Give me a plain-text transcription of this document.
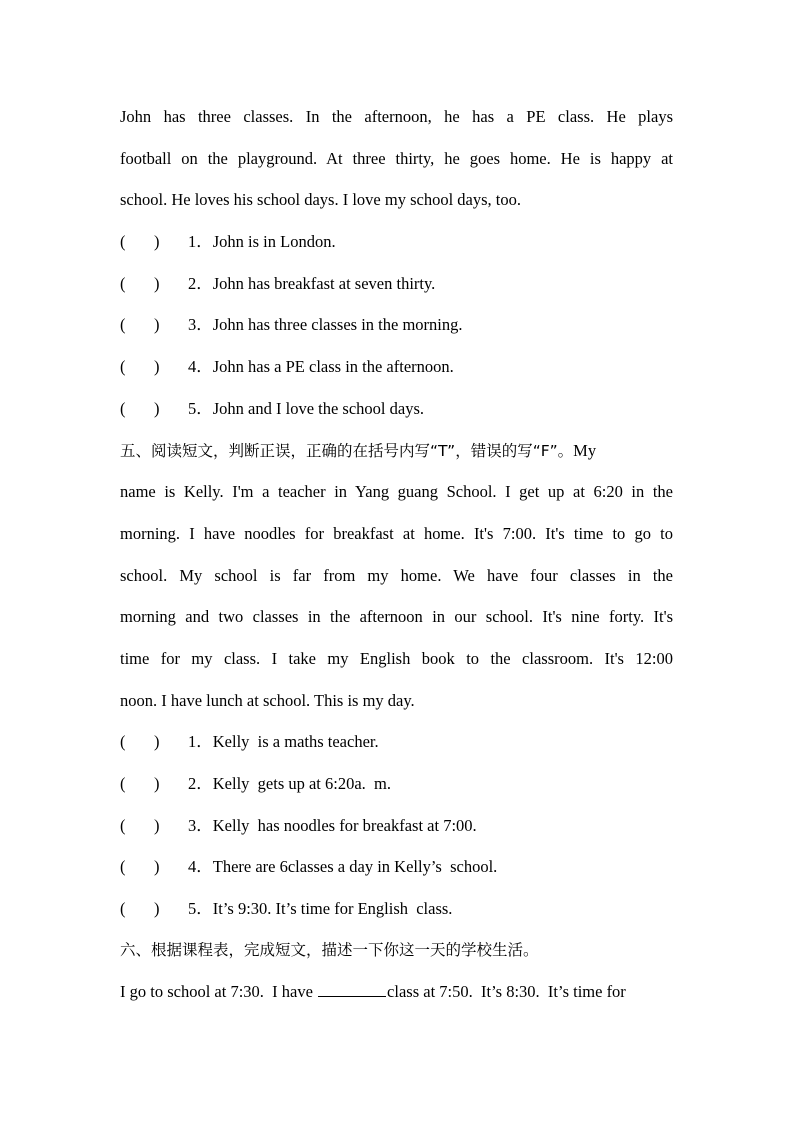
John has three classes. In the afternoon, he has a PE class. He plays
football on the playground. At three thirty, he goes home. He is happy at
school. He loves his school days. I love my school days, too.
( )	1． John is in London.
( )	2． John has breakfast at seven thirty.
( )	3． John has three classes in the morning.
( )	4． John has a PE class in the afternoon.
( )	5． John and I love the school days.
五、阅读短文，判断正误，正确的在括号内写“T”，错误的写“F”。My
name is Kelly. I'm a teacher in Yang guang School. I get up at 6:20 in the
morning. I have noodles for breakfast at home. It's 7:00. It's time to go to
school. My school is far from my home. We have four classes in the
morning and two classes in the afternoon in our school. It's nine forty. It's
time for my class. I take my English book to the classroom. It's 12:00
noon. I have lunch at school. This is my day.
( )	1． Kelly  is a maths teacher.
( )	2． Kelly  gets up at 6:20a.  m.
( )	3． Kelly  has noodles for breakfast at 7:00.
( )	4． There are 6classes a day in Kelly’s  school.
( )	5． It’s 9:30. It’s time for English  class.
六、根据课程表，完成短文，描述一下你这一天的学校生活。
I go to school at 7:30.  I have	class at 7:50.  It’s 8:30.  It’s time for
